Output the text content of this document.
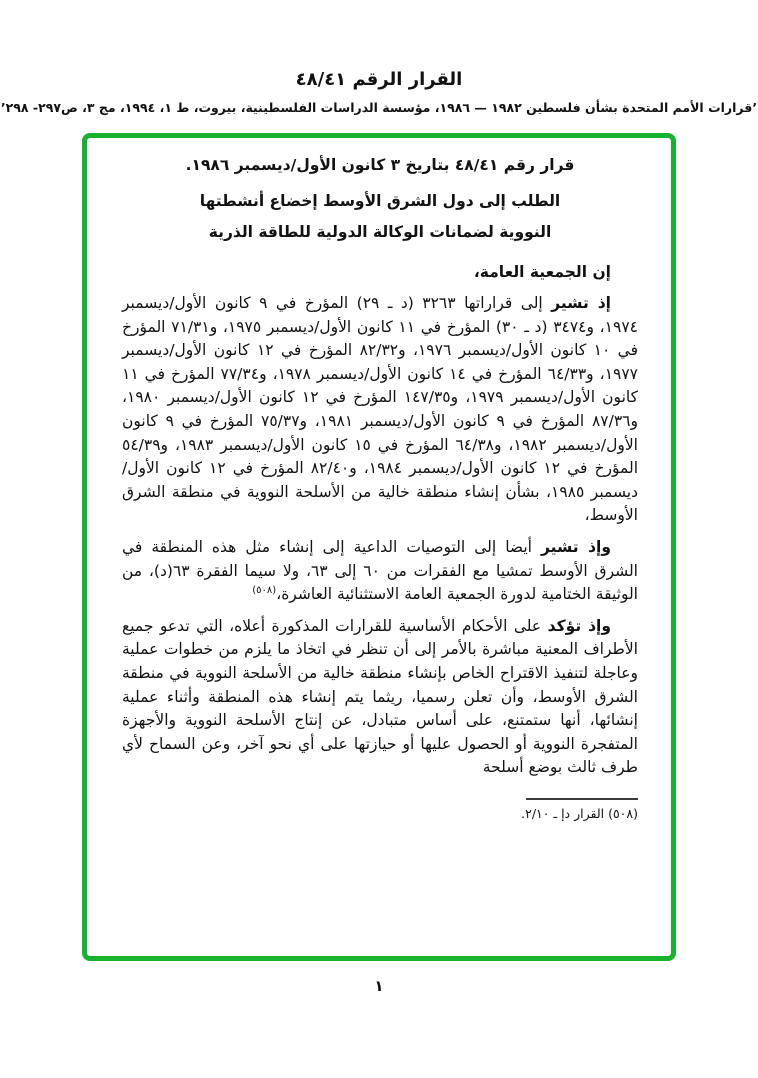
القرار الرقم ٤٨/٤١
’قرارات الأمم المتحدة بشأن فلسطين ١٩٨٢ — ١٩٨٦، مؤسسة الدراسات الفلسطينية، بيروت، ط ١، ١٩٩٤، مج ٣، ص٢٩٧- ٢٩٨’
قرار رقم ٤٨/٤١ بتاريخ ٣ كانون الأول/ديسمبر ١٩٨٦.
الطلب إلى دول الشرق الأوسط إخضاع أنشطتها
النووية لضمانات الوكالة الدولية للطاقة الذرية

إن الجمعية العامة،

إذ تشير إلى قراراتها ٣٢٦٣ (د ـ ٢٩) المؤرخ في ٩ كانون الأول/ديسمبر ١٩٧٤، و٣٤٧٤ (د ـ ٣٠) المؤرخ في ١١ كانون الأول/ديسمبر ١٩٧٥، و٧١/٣١ المؤرخ في ١٠ كانون الأول/ديسمبر ١٩٧٦، و٨٢/٣٢ المؤرخ في ١٢ كانون الأول/ديسمبر ١٩٧٧، و٦٤/٣٣ المؤرخ في ١٤ كانون الأول/ديسمبر ١٩٧٨، و٧٧/٣٤ المؤرخ في ١١ كانون الأول/ديسمبر ١٩٧٩، و١٤٧/٣٥ المؤرخ في ١٢ كانون الأول/ديسمبر ١٩٨٠، و٨٧/٣٦ المؤرخ في ٩ كانون الأول/ديسمبر ١٩٨١، و٧٥/٣٧ المؤرخ في ٩ كانون الأول/ديسمبر ١٩٨٢، و٦٤/٣٨ المؤرخ في ١٥ كانون الأول/ديسمبر ١٩٨٣، و٥٤/٣٩ المؤرخ في ١٢ كانون الأول/ديسمبر ١٩٨٤، و٨٢/٤٠ المؤرخ في ١٢ كانون الأول/ديسمبر ١٩٨٥، بشأن إنشاء منطقة خالية من الأسلحة النووية في منطقة الشرق الأوسط،

وإذ تشير أيضا إلى التوصيات الداعية إلى إنشاء مثل هذه المنطقة في الشرق الأوسط تمشيا مع الفقرات من ٦٠ إلى ٦٣، ولا سيما الفقرة ٦٣(د)، من الوثيقة الختامية لدورة الجمعية العامة الاستثنائية العاشرة،$^{(٥٠٨)}$

وإذ تؤكد على الأحكام الأساسية للقرارات المذكورة أعلاه، التي تدعو جميع الأطراف المعنية مباشرة بالأمر إلى أن تنظر في اتخاذ ما يلزم من خطوات عملية وعاجلة لتنفيذ الاقتراح الخاص بإنشاء منطقة خالية من الأسلحة النووية في منطقة الشرق الأوسط، وأن تعلن رسميا، ريثما يتم إنشاء هذه المنطقة وأثناء عملية إنشائها، أنها ستمتنع، على أساس متبادل، عن إنتاج الأسلحة النووية والأجهزة المتفجرة النووية أو الحصول عليها أو حيازتها على أي نحو آخر، وعن السماح لأي طرف ثالث بوضع أسلحة

(٥٠٨) القرار دإ ـ ٢/١٠.
١
